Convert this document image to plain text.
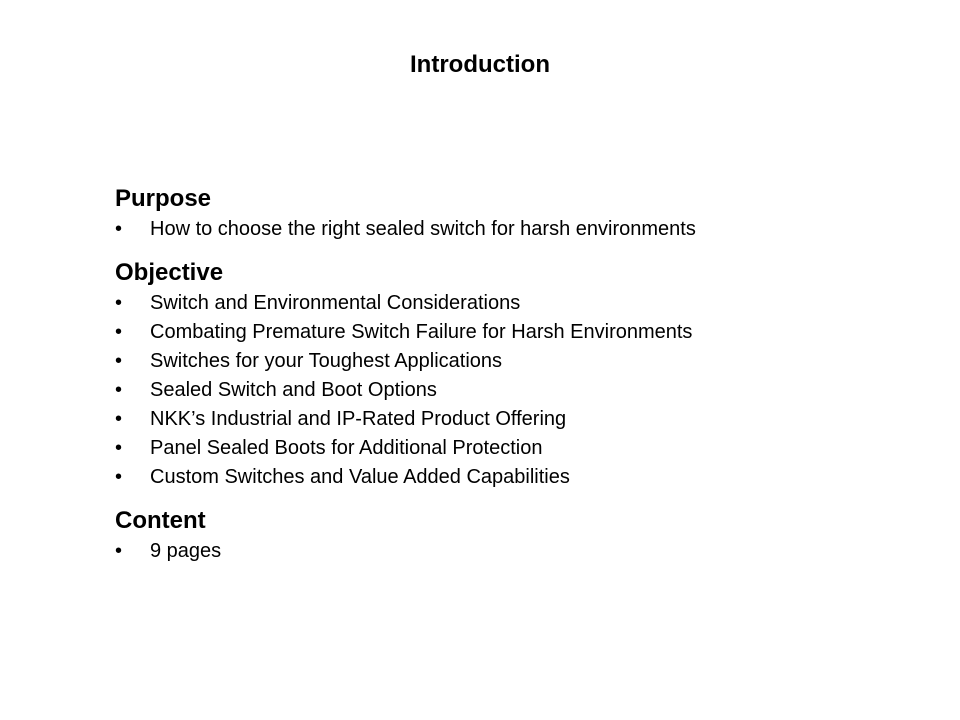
Introduction
Purpose
•	How to choose the right sealed switch for harsh environments
Objective
•	Switch and Environmental Considerations
•	Combating Premature Switch Failure for Harsh Environments
•	Switches for your Toughest Applications
•	Sealed Switch and Boot Options
•	NKK’s Industrial and IP-Rated Product Offering
•	Panel Sealed Boots for Additional Protection
•	Custom Switches and Value Added Capabilities
Content
•	9 pages
